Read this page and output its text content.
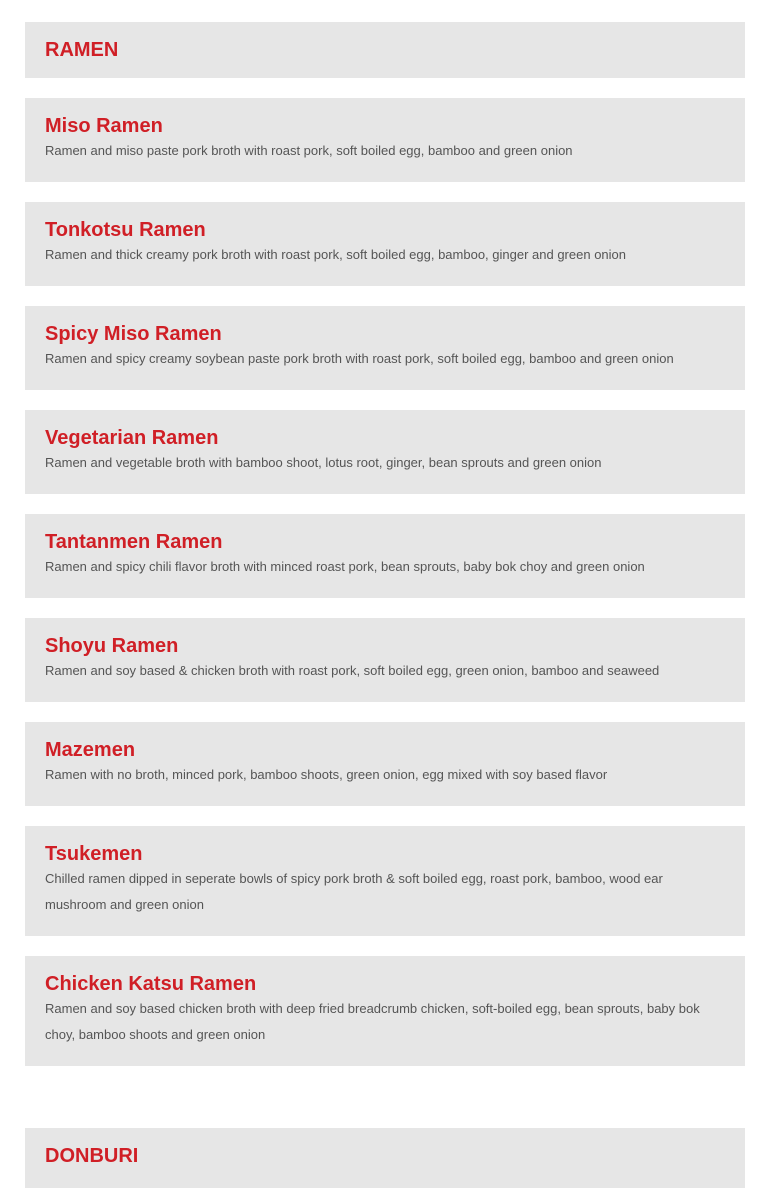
RAMEN
Miso Ramen
Ramen and miso paste pork broth with roast pork, soft boiled egg, bamboo and green onion
Tonkotsu Ramen
Ramen and thick creamy pork broth with roast pork, soft boiled egg, bamboo, ginger and green onion
Spicy Miso Ramen
Ramen and spicy creamy soybean paste pork broth with roast pork, soft boiled egg, bamboo and green onion
Vegetarian Ramen
Ramen and vegetable broth with bamboo shoot, lotus root, ginger, bean sprouts and green onion
Tantanmen Ramen
Ramen and spicy chili flavor broth with minced roast pork, bean sprouts, baby bok choy and green onion
Shoyu Ramen
Ramen and soy based & chicken broth with roast pork, soft boiled egg, green onion, bamboo and seaweed
Mazemen
Ramen with no broth, minced pork, bamboo shoots, green onion, egg mixed with soy based flavor
Tsukemen
Chilled ramen dipped in seperate bowls of spicy pork broth & soft boiled egg, roast pork, bamboo, wood ear mushroom and green onion
Chicken Katsu Ramen
Ramen and soy based chicken broth with deep fried breadcrumb chicken, soft-boiled egg, bean sprouts, baby bok choy, bamboo shoots and green onion
DONBURI
